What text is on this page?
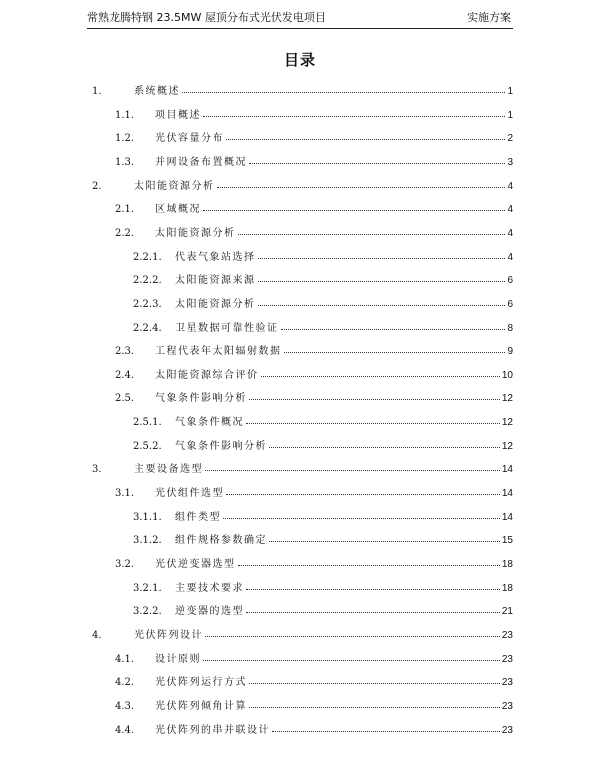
常熟龙腾特钢 23.5MW 屋顶分布式光伏发电项目	实施方案
目录
1.	系统概述	1
1.1.	项目概述	1
1.2.	光伏容量分布	2
1.3.	并网设备布置概况	3
2.	太阳能资源分析	4
2.1.	区域概况	4
2.2.	太阳能资源分析	4
2.2.1.	代表气象站选择	4
2.2.2.	太阳能资源来源	6
2.2.3.	太阳能资源分析	6
2.2.4.	卫星数据可靠性验证	8
2.3.	工程代表年太阳辐射数据	9
2.4.	太阳能资源综合评价	10
2.5.	气象条件影响分析	12
2.5.1.	气象条件概况	12
2.5.2.	气象条件影响分析	12
3.	主要设备选型	14
3.1.	光伏组件选型	14
3.1.1.	组件类型	14
3.1.2.	组件规格参数确定	15
3.2.	光伏逆变器选型	18
3.2.1.	主要技术要求	18
3.2.2.	逆变器的选型	21
4.	光伏阵列设计	23
4.1.	设计原则	23
4.2.	光伏阵列运行方式	23
4.3.	光伏阵列倾角计算	23
4.4.	光伏阵列的串并联设计	23
